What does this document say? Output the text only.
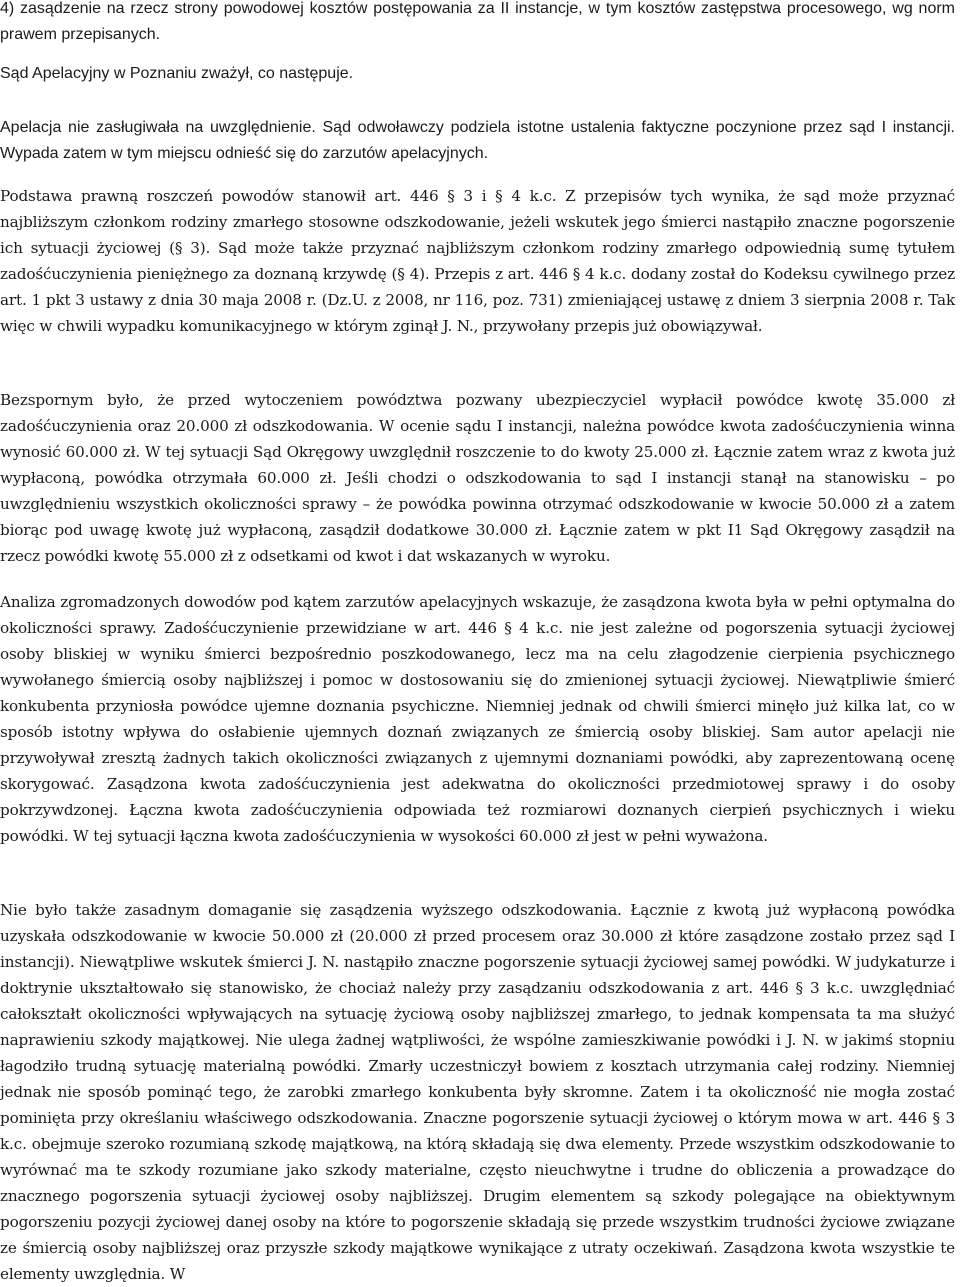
4) zasądzenie na rzecz strony powodowej kosztów postępowania za II instancje, w tym kosztów zastępstwa procesowego, wg norm prawem przepisanych.

Sąd Apelacyjny w Poznaniu zważył, co następuje.

Apelacja nie zasługiwała na uwzględnienie. Sąd odwoławczy podziela istotne ustalenia faktyczne poczynione przez sąd I instancji. Wypada zatem w tym miejscu odnieść się do zarzutów apelacyjnych.

Podstawa prawną roszczeń powodów stanowił art. 446 § 3 i § 4 k.c. Z przepisów tych wynika, że sąd może przyznać najbliższym członkom rodziny zmarłego stosowne odszkodowanie, jeżeli wskutek jego śmierci nastąpiło znaczne pogorszenie ich sytuacji życiowej (§ 3). Sąd może także przyznać najbliższym członkom rodziny zmarłego odpowiednią sumę tytułem zadośćuczynienia pieniężnego za doznaną krzywdę (§ 4). Przepis z art. 446 § 4 k.c. dodany został do Kodeksu cywilnego przez art. 1 pkt 3 ustawy z dnia 30 maja 2008 r. (Dz.U. z 2008, nr 116, poz. 731) zmieniającej ustawę z dniem 3 sierpnia 2008 r. Tak więc w chwili wypadku komunikacyjnego w którym zginął J. N., przywołany przepis już obowiązywał.

Bezspornym było, że przed wytoczeniem powództwa pozwany ubezpieczyciel wypłacił powódce kwotę 35.000 zł zadośćuczynienia oraz 20.000 zł odszkodowania. W ocenie sądu I instancji, należna powódce kwota zadośćuczynienia winna wynosić 60.000 zł. W tej sytuacji Sąd Okręgowy uwzględnił roszczenie to do kwoty 25.000 zł. Łącznie zatem wraz z kwota już wypłaconą, powódka otrzymała 60.000 zł. Jeśli chodzi o odszkodowania to sąd I instancji stanął na stanowisku – po uwzględnieniu wszystkich okoliczności sprawy – że powódka powinna otrzymać odszkodowanie w kwocie 50.000 zł a zatem biorąc pod uwagę kwotę już wypłaconą, zasądził dodatkowe 30.000 zł. Łącznie zatem w pkt I1 Sąd Okręgowy zasądził na rzecz powódki kwotę 55.000 zł z odsetkami od kwot i dat wskazanych w wyroku.

Analiza zgromadzonych dowodów pod kątem zarzutów apelacyjnych wskazuje, że zasądzona kwota była w pełni optymalna do okoliczności sprawy. Zadośćuczynienie przewidziane w art. 446 § 4 k.c. nie jest zależne od pogorszenia sytuacji życiowej osoby bliskiej w wyniku śmierci bezpośrednio poszkodowanego, lecz ma na celu złagodzenie cierpienia psychicznego wywołanego śmiercią osoby najbliższej i pomoc w dostosowaniu się do zmienionej sytuacji życiowej. Niewątpliwie śmierć konkubenta przyniosła powódce ujemne doznania psychiczne. Niemniej jednak od chwili śmierci minęło już kilka lat, co w sposób istotny wpływa do osłabienie ujemnych doznań związanych ze śmiercią osoby bliskiej. Sam autor apelacji nie przywoływał zresztą żadnych takich okoliczności związanych z ujemnymi doznaniami powódki, aby zaprezentowaną ocenę skorygować. Zasądzona kwota zadośćuczynienia jest adekwatna do okoliczności przedmiotowej sprawy i do osoby pokrzywdzonej. Łączna kwota zadośćuczynienia odpowiada też rozmiarowi doznanych cierpień psychicznych i wieku powódki. W tej sytuacji łączna kwota zadośćuczynienia w wysokości 60.000 zł jest w pełni wyważona.

Nie było także zasadnym domaganie się zasądzenia wyższego odszkodowania. Łącznie z kwotą już wypłaconą powódka uzyskała odszkodowanie w kwocie 50.000 zł (20.000 zł przed procesem oraz 30.000 zł które zasądzone zostało przez sąd I instancji). Niewątpliwe wskutek śmierci J. N. nastąpiło znaczne pogorszenie sytuacji życiowej samej powódki. W judykaturze i doktrynie ukształtowało się stanowisko, że chociaż należy przy zasądzaniu odszkodowania z art. 446 § 3 k.c. uwzględniać całokształt okoliczności wpływających na sytuację życiową osoby najbliższej zmarłego, to jednak kompensata ta ma służyć naprawieniu szkody majątkowej. Nie ulega żadnej wątpliwości, że wspólne zamieszkiwanie powódki i J. N. w jakimś stopniu łagodziło trudną sytuację materialną powódki. Zmarły uczestniczył bowiem z kosztach utrzymania całej rodziny. Niemniej jednak nie sposób pominąć tego, że zarobki zmarłego konkubenta były skromne. Zatem i ta okoliczność nie mogła zostać pominięta przy określaniu właściwego odszkodowania. Znaczne pogorszenie sytuacji życiowej o którym mowa w art. 446 § 3 k.c. obejmuje szeroko rozumianą szkodę majątkową, na którą składają się dwa elementy. Przede wszystkim odszkodowanie to wyrównać ma te szkody rozumiane jako szkody materialne, często nieuchwytne i trudne do obliczenia a prowadzące do znacznego pogorszenia sytuacji życiowej osoby najbliższej. Drugim elementem są szkody polegające na obiektywnym pogorszeniu pozycji życiowej danej osoby na które to pogorszenie składają się przede wszystkim trudności życiowe związane ze śmiercią osoby najbliższej oraz przyszłe szkody majątkowe wynikające z utraty oczekiwań. Zasądzona kwota wszystkie te elementy uwzględnia. W
